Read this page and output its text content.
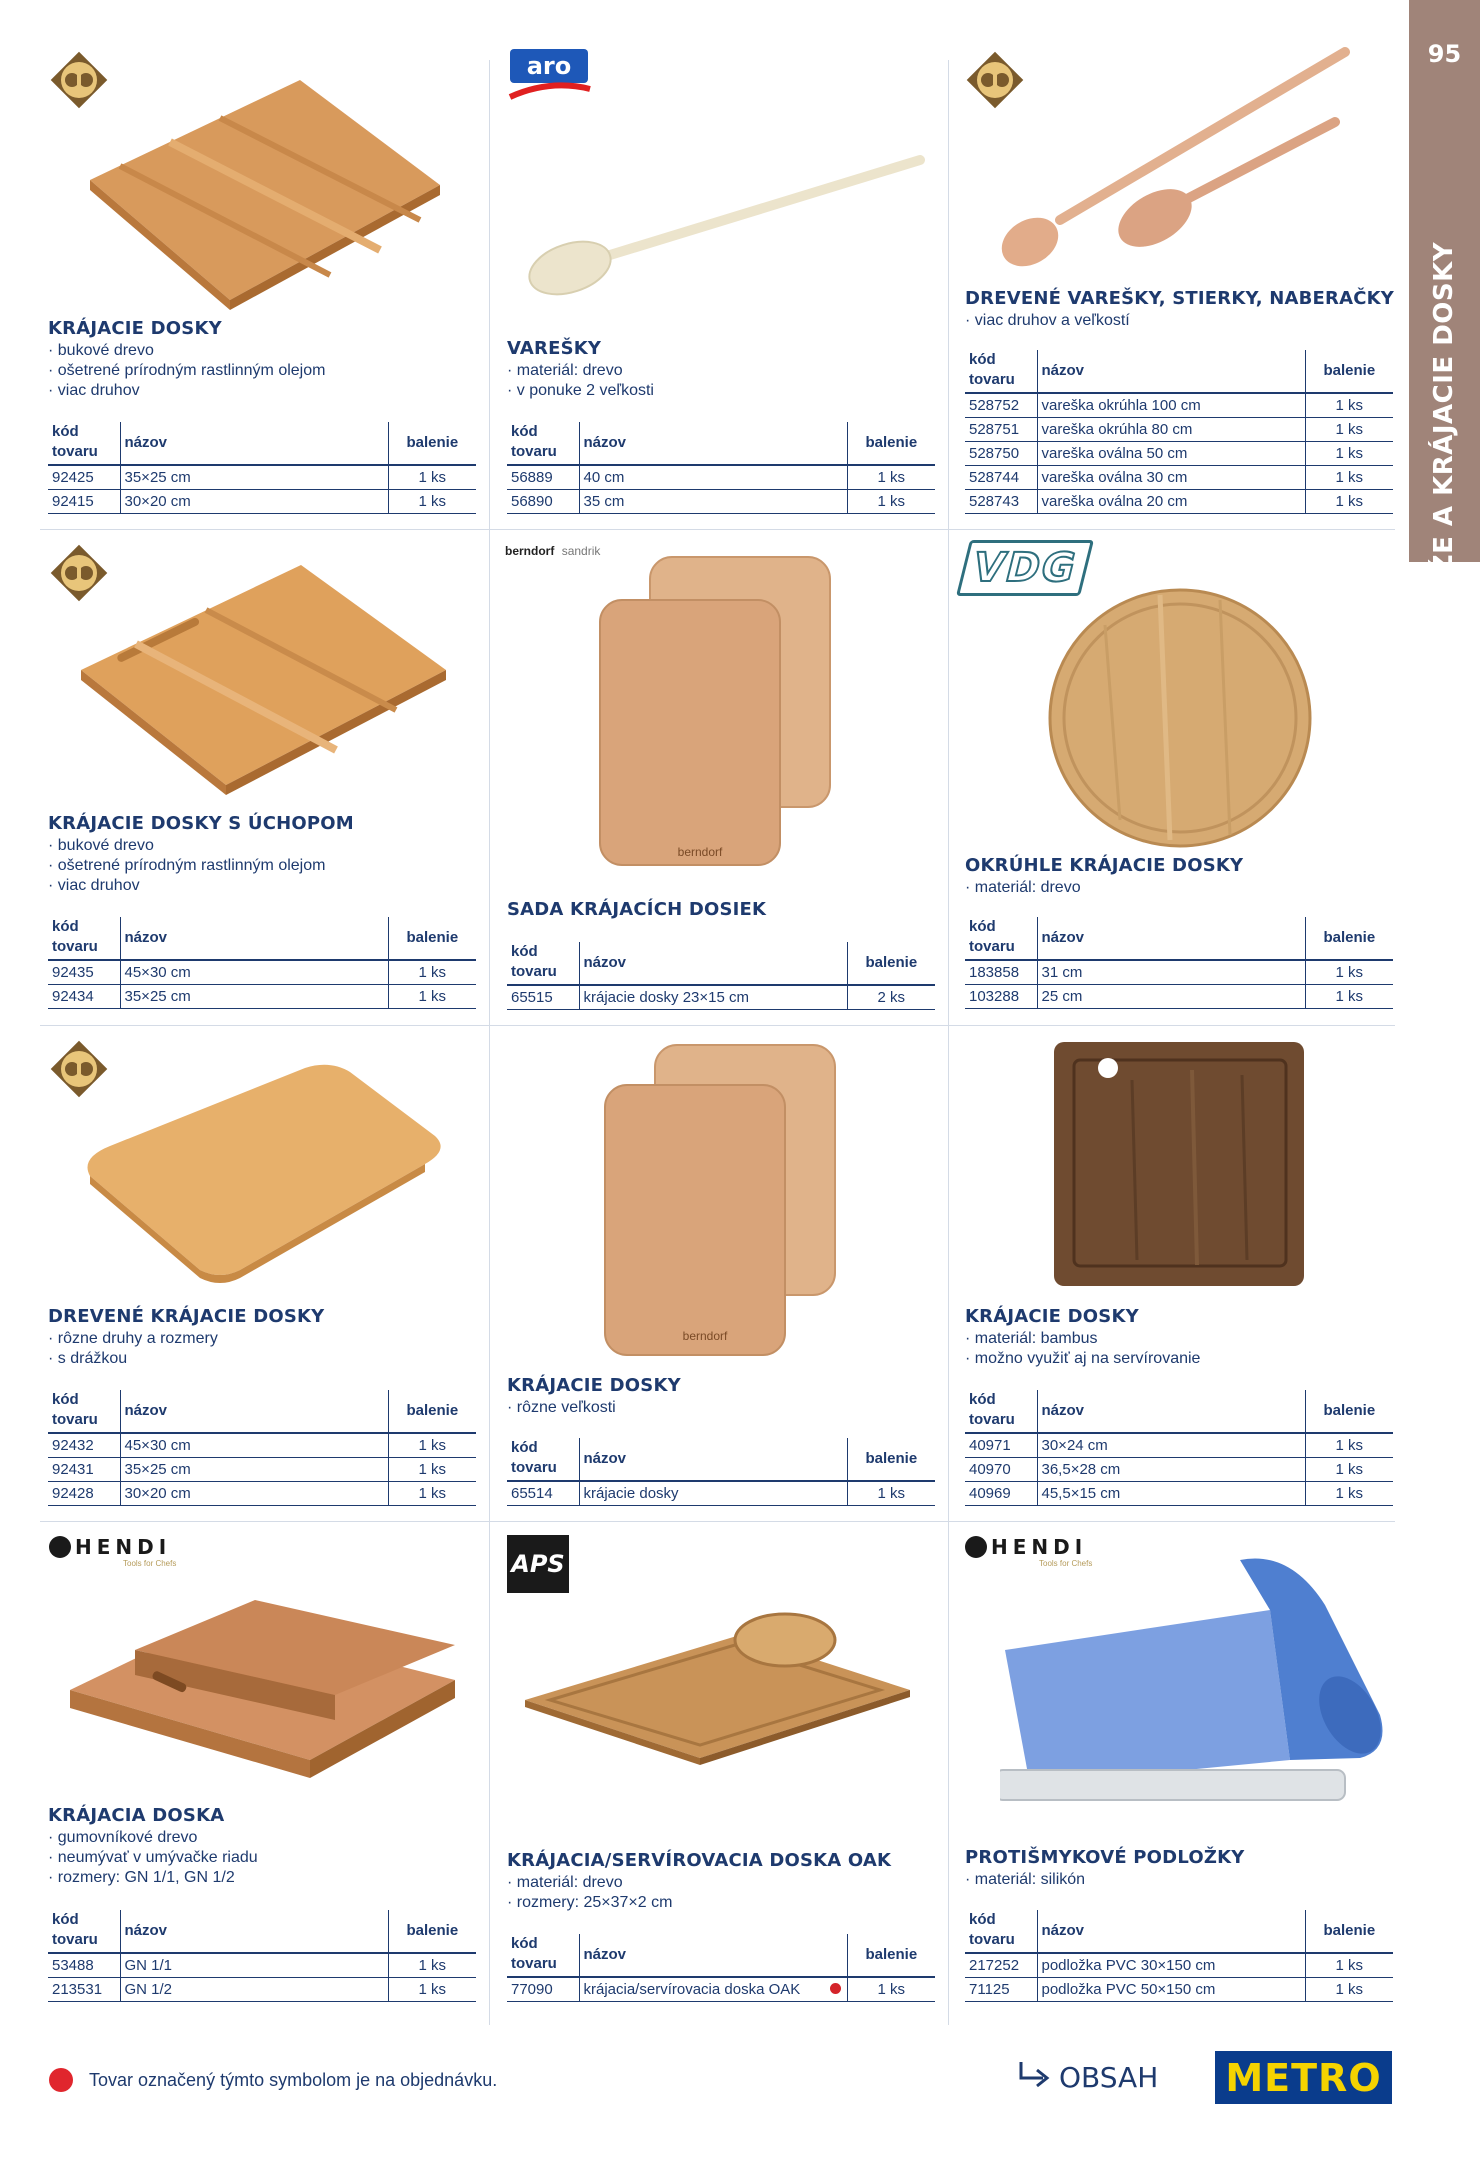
95
NOŽE A KRÁJACIE DOSKY
KRÁJACIE DOSKY
· bukové drevo
· ošetrené prírodným rastlinným olejom
· viac druhov
kód
tovaru	názov	balenie
92425	35×25 cm	1 ks
92415	30×20 cm	1 ks
aro
VAREŠKY
· materiál: drevo
· v ponuke 2 veľkosti
kód
tovaru	názov	balenie
56889	40 cm	1 ks
56890	35 cm	1 ks
DREVENÉ VAREŠKY, STIERKY, NABERAČKY
· viac druhov a veľkostí
kód
tovaru	názov	balenie
528752	vareška okrúhla 100 cm	1 ks
528751	vareška okrúhla 80 cm	1 ks
528750	vareška oválna 50 cm	1 ks
528744	vareška oválna 30 cm	1 ks
528743	vareška oválna 20 cm	1 ks
KRÁJACIE DOSKY S ÚCHOPOM
· bukové drevo
· ošetrené prírodným rastlinným olejom
· viac druhov
kód
tovaru	názov	balenie
92435	45×30 cm	1 ks
92434	35×25 cm	1 ks
berndorf sandrik
berndorf
SADA KRÁJACÍCH DOSIEK
kód
tovaru	názov	balenie
65515	krájacie dosky 23×15 cm	2 ks
VDG
OKRÚHLE KRÁJACIE DOSKY
· materiál: drevo
kód
tovaru	názov	balenie
183858	31 cm	1 ks
103288	25 cm	1 ks
DREVENÉ KRÁJACIE DOSKY
· rôzne druhy a rozmery
· s drážkou
kód
tovaru	názov	balenie
92432	45×30 cm	1 ks
92431	35×25 cm	1 ks
92428	30×20 cm	1 ks
berndorf
KRÁJACIE DOSKY
· rôzne veľkosti
kód
tovaru	názov	balenie
65514	krájacie dosky	1 ks
KRÁJACIE DOSKY
· materiál: bambus
· možno využiť aj na servírovanie
kód
tovaru	názov	balenie
40971	30×24 cm	1 ks
40970	36,5×28 cm	1 ks
40969	45,5×15 cm	1 ks
HENDI
Tools for Chefs
KRÁJACIA DOSKA
· gumovníkové drevo
· neumývať v umývačke riadu
· rozmery: GN 1/1, GN 1/2
kód
tovaru	názov	balenie
53488	GN 1/1	1 ks
213531	GN 1/2	1 ks
APS
KRÁJACIA/SERVÍROVACIA DOSKA OAK
· materiál: drevo
· rozmery: 25×37×2 cm
kód
tovaru	názov	balenie
77090	krájacia/servírovacia doska OAK	1 ks
HENDI
Tools for Chefs
PROTIŠMYKOVÉ PODLOŽKY
· materiál: silikón
kód
tovaru	názov	balenie
217252	podložka PVC 30×150 cm	1 ks
71125	podložka PVC 50×150 cm	1 ks
Tovar označený týmto symbolom je na objednávku.	OBSAH METRO
